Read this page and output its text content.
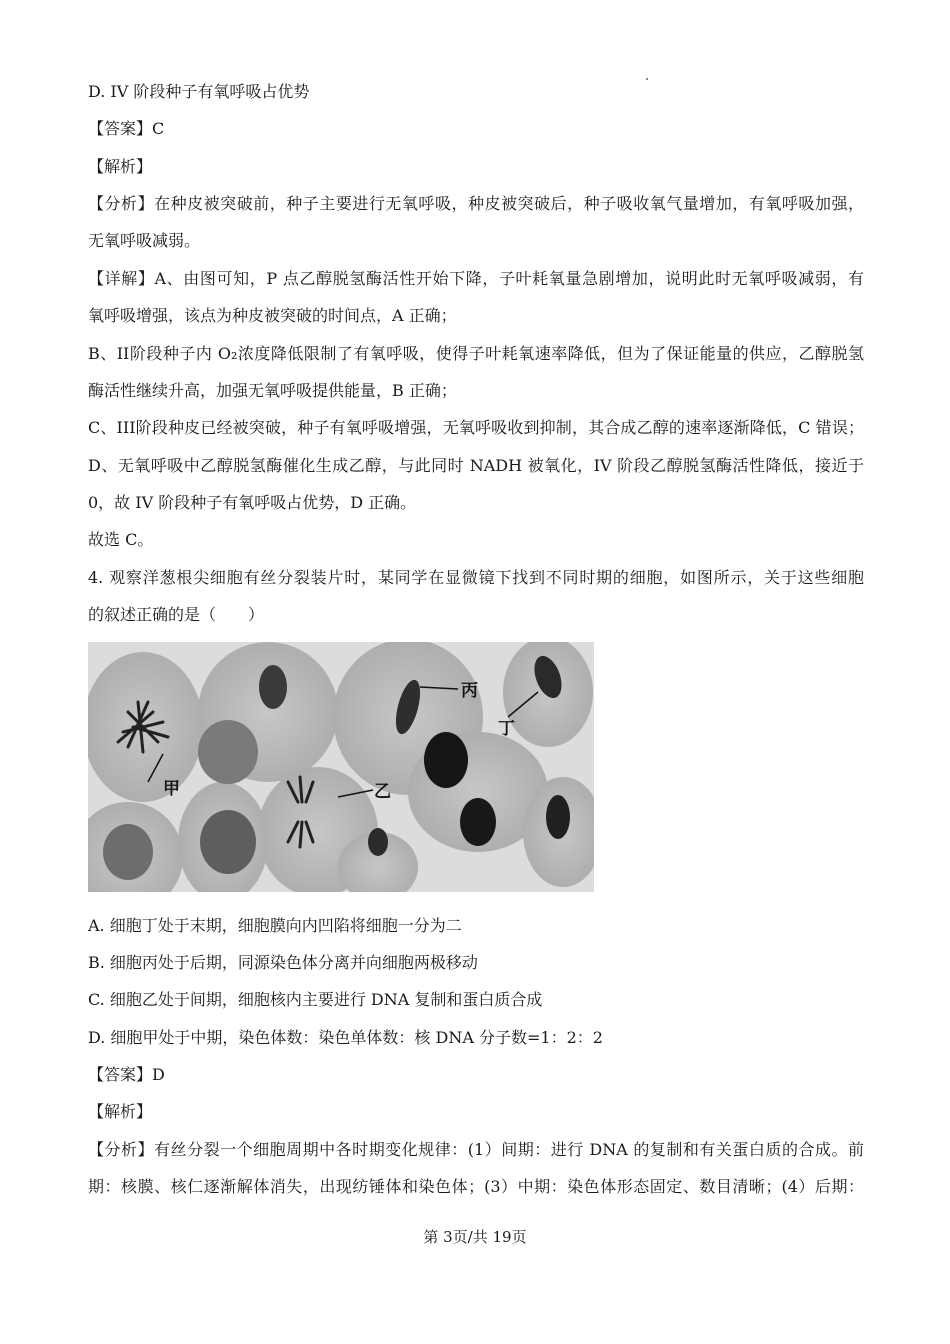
D. IV 阶段种子有氧呼吸占优势
【答案】C
【解析】
【分析】在种皮被突破前，种子主要进行无氧呼吸，种皮被突破后，种子吸收氧气量增加，有氧呼吸加强，
无氧呼吸减弱。
【详解】A、由图可知，P 点乙醇脱氢酶活性开始下降，子叶耗氧量急剧增加，说明此时无氧呼吸减弱，有
氧呼吸增强，该点为种皮被突破的时间点，A 正确；
B、II阶段种子内 O₂浓度降低限制了有氧呼吸，使得子叶耗氧速率降低，但为了保证能量的供应，乙醇脱氢
酶活性继续升高，加强无氧呼吸提供能量，B 正确；
C、III阶段种皮已经被突破，种子有氧呼吸增强，无氧呼吸收到抑制，其合成乙醇的速率逐渐降低，C 错误；
D、无氧呼吸中乙醇脱氢酶催化生成乙醇，与此同时 NADH 被氧化，IV 阶段乙醇脱氢酶活性降低，接近于
0，故 IV 阶段种子有氧呼吸占优势，D 正确。
故选 C。
4. 观察洋葱根尖细胞有丝分裂装片时，某同学在显微镜下找到不同时期的细胞，如图所示，关于这些细胞
的叙述正确的是（　　）
甲	乙
丙
丁
A. 细胞丁处于末期，细胞膜向内凹陷将细胞一分为二
B. 细胞丙处于后期，同源染色体分离并向细胞两极移动
C. 细胞乙处于间期，细胞核内主要进行 DNA 复制和蛋白质合成
D. 细胞甲处于中期，染色体数：染色单体数：核 DNA 分子数=1：2：2
【答案】D
【解析】
【分析】有丝分裂一个细胞周期中各时期变化规律：(1）间期：进行 DNA 的复制和有关蛋白质的合成。前
期：核膜、核仁逐渐解体消失，出现纺锤体和染色体；(3）中期：染色体形态固定、数目清晰；(4）后期：
第 3页/共 19页
